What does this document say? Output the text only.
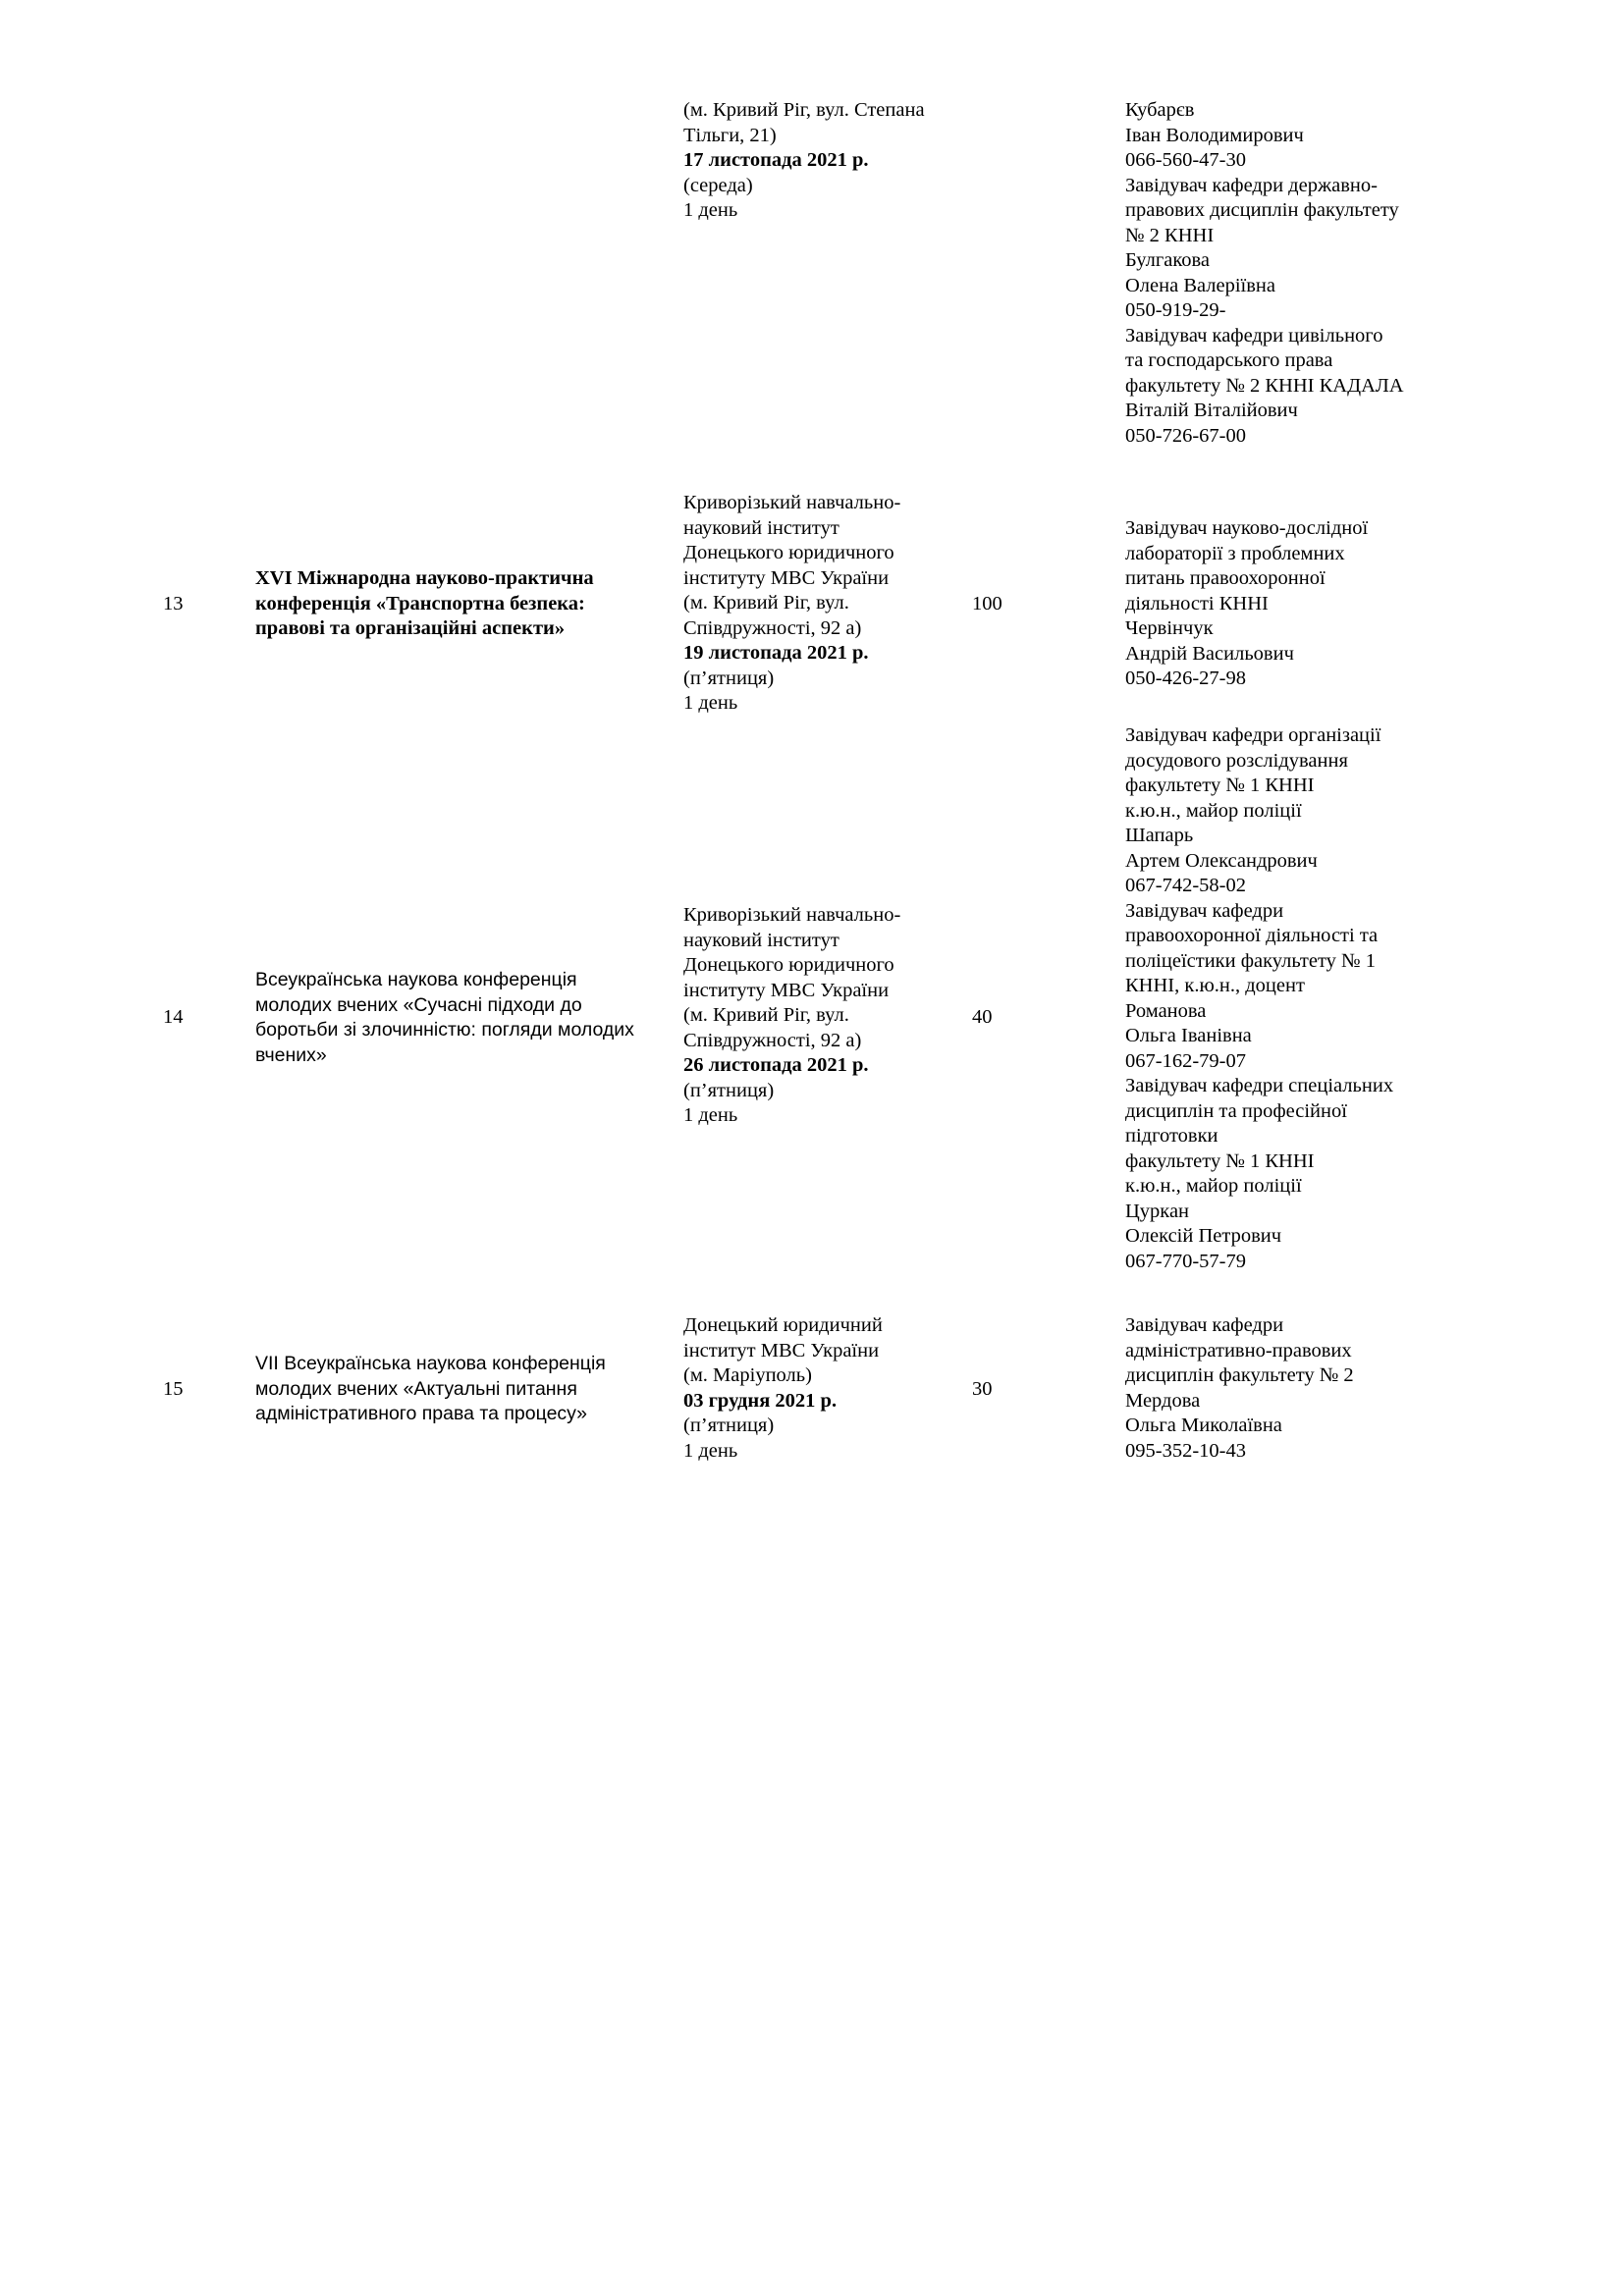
(м. Кривий Ріг, вул. Степана
Тільги, 21)
17 листопада 2021 р.
(середа)
1 день
Кубарєв
Іван Володимирович
066-560-47-30
Завідувач кафедри державно-
правових дисциплін факультету
№ 2 КННІ
Булгакова
Олена Валеріївна
050-919-29-
Завідувач кафедри цивільного
та господарського права
факультету № 2 КННІ КАДАЛА
Віталій Віталійович
050-726-67-00
13
XVI Міжнародна науково-практична
конференція «Транспортна безпека:
правові та організаційні аспекти»
Криворізький навчально-
науковий інститут
Донецького юридичного
інституту МВС України
(м. Кривий Ріг, вул.
Співдружності, 92 а)
19 листопада 2021 р.
(п’ятниця)
1 день
100
Завідувач науково-дослідної
лабораторії з проблемних
питань правоохоронної
діяльності КННІ
Червінчук
Андрій Васильович
050-426-27-98
14
Всеукраїнська наукова конференція
молодих вчених «Сучасні підходи до
боротьби зі злочинністю: погляди молодих
вчених»
Криворізький навчально-
науковий інститут
Донецького юридичного
інституту МВС України
(м. Кривий Ріг, вул.
Співдружності, 92 а)
26 листопада 2021 р.
(п’ятниця)
1 день
40
Завідувач кафедри організації
досудового розслідування
факультету № 1 КННІ
к.ю.н., майор поліції
Шапарь
Артем Олександрович
067-742-58-02
Завідувач кафедри
правоохоронної діяльності та
поліцеїстики факультету № 1
КННІ, к.ю.н., доцент
Романова
Ольга Іванівна
067-162-79-07
Завідувач кафедри спеціальних
дисциплін та професійної
підготовки
факультету № 1 КННІ
к.ю.н., майор поліції
Цуркан
Олексій Петрович
067-770-57-79
15
VII Всеукраїнська наукова конференція
молодих вчених «Актуальні питання
адміністративного права та процесу»
Донецький юридичний
інститут МВС України
(м. Маріуполь)
03 грудня 2021 р.
(п’ятниця)
1 день
30
Завідувач кафедри
адміністративно-правових
дисциплін факультету № 2
Мердова
Ольга Миколаївна
095-352-10-43
